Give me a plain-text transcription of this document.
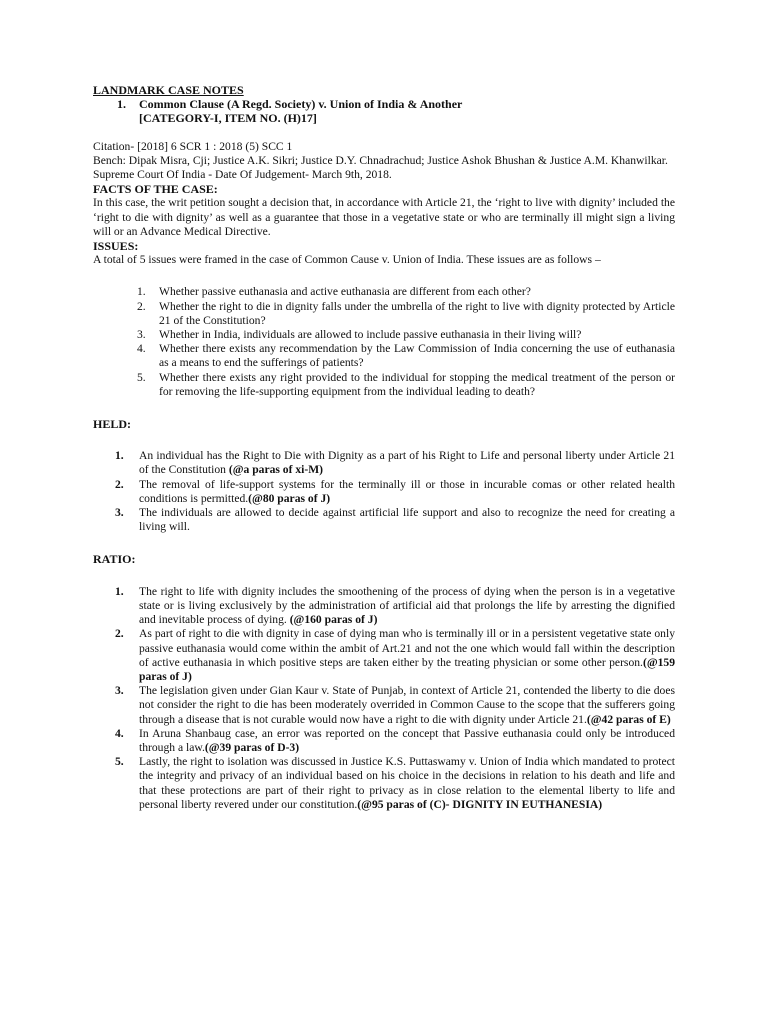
LANDMARK CASE NOTES
1.	Common Clause (A Regd. Society) v. Union of India & Another
[CATEGORY-I, ITEM NO. (H)17]
Citation- [2018] 6 SCR 1 : 2018 (5) SCC 1
Bench: Dipak Misra, Cji; Justice A.K. Sikri; Justice D.Y. Chnadrachud; Justice Ashok Bhushan & Justice A.M. Khanwilkar.
Supreme Court Of India - Date Of Judgement- March 9th, 2018.
FACTS OF THE CASE:
In this case, the writ petition sought a decision that, in accordance with Article 21, the ‘right to live with dignity’ included the ‘right to die with dignity’ as well as a guarantee that those in a vegetative state or who are terminally ill might sign a living will or an Advance Medical Directive.
ISSUES:
A total of 5 issues were framed in the case of Common Cause v. Union of India. These issues are as follows –
1.	Whether passive euthanasia and active euthanasia are different from each other?
2.	Whether the right to die in dignity falls under the umbrella of the right to live with dignity protected by Article 21 of the Constitution?
3.	Whether in India, individuals are allowed to include passive euthanasia in their living will?
4.	Whether there exists any recommendation by the Law Commission of India concerning the use of euthanasia as a means to end the sufferings of patients?
5.	Whether there exists any right provided to the individual for stopping the medical treatment of the person or for removing the life-supporting equipment from the individual leading to death?
HELD:
1.	An individual has the Right to Die with Dignity as a part of his Right to Life and personal liberty under Article 21 of the Constitution (@a paras of xi-M)
2.	The removal of life-support systems for the terminally ill or those in incurable comas or other related health conditions is permitted.(@80 paras of J)
3.	The individuals are allowed to decide against artificial life support and also to recognize the need for creating a living will.
RATIO:
1.	The right to life with dignity includes the smoothening of the process of dying when the person is in a vegetative state or is living exclusively by the administration of artificial aid that prolongs the life by arresting the dignified and inevitable process of dying. (@160 paras of J)
2.	As part of right to die with dignity in case of dying man who is terminally ill or in a persistent vegetative state only passive euthanasia would come within the ambit of Art.21 and not the one which would fall within the description of active euthanasia in which positive steps are taken either by the treating physician or some other person.(@159 paras of J)
3.	The legislation given under Gian Kaur v. State of Punjab, in context of Article 21, contended the liberty to die does not consider the right to die has been moderately overrided in Common Cause to the scope that the sufferers going through a disease that is not curable would now have a right to die with dignity under Article 21.(@42 paras of E)
4.	In Aruna Shanbaug case, an error was reported on the concept that Passive euthanasia could only be introduced through a law.(@39 paras of D-3)
5.	Lastly, the right to isolation was discussed in Justice K.S. Puttaswamy v. Union of India which mandated to protect the integrity and privacy of an individual based on his choice in the decisions in relation to his death and life and that these protections are part of their right to privacy as in close relation to the elemental liberty to life and personal liberty revered under our constitution.(@95 paras of (C)- DIGNITY IN EUTHANESIA)
